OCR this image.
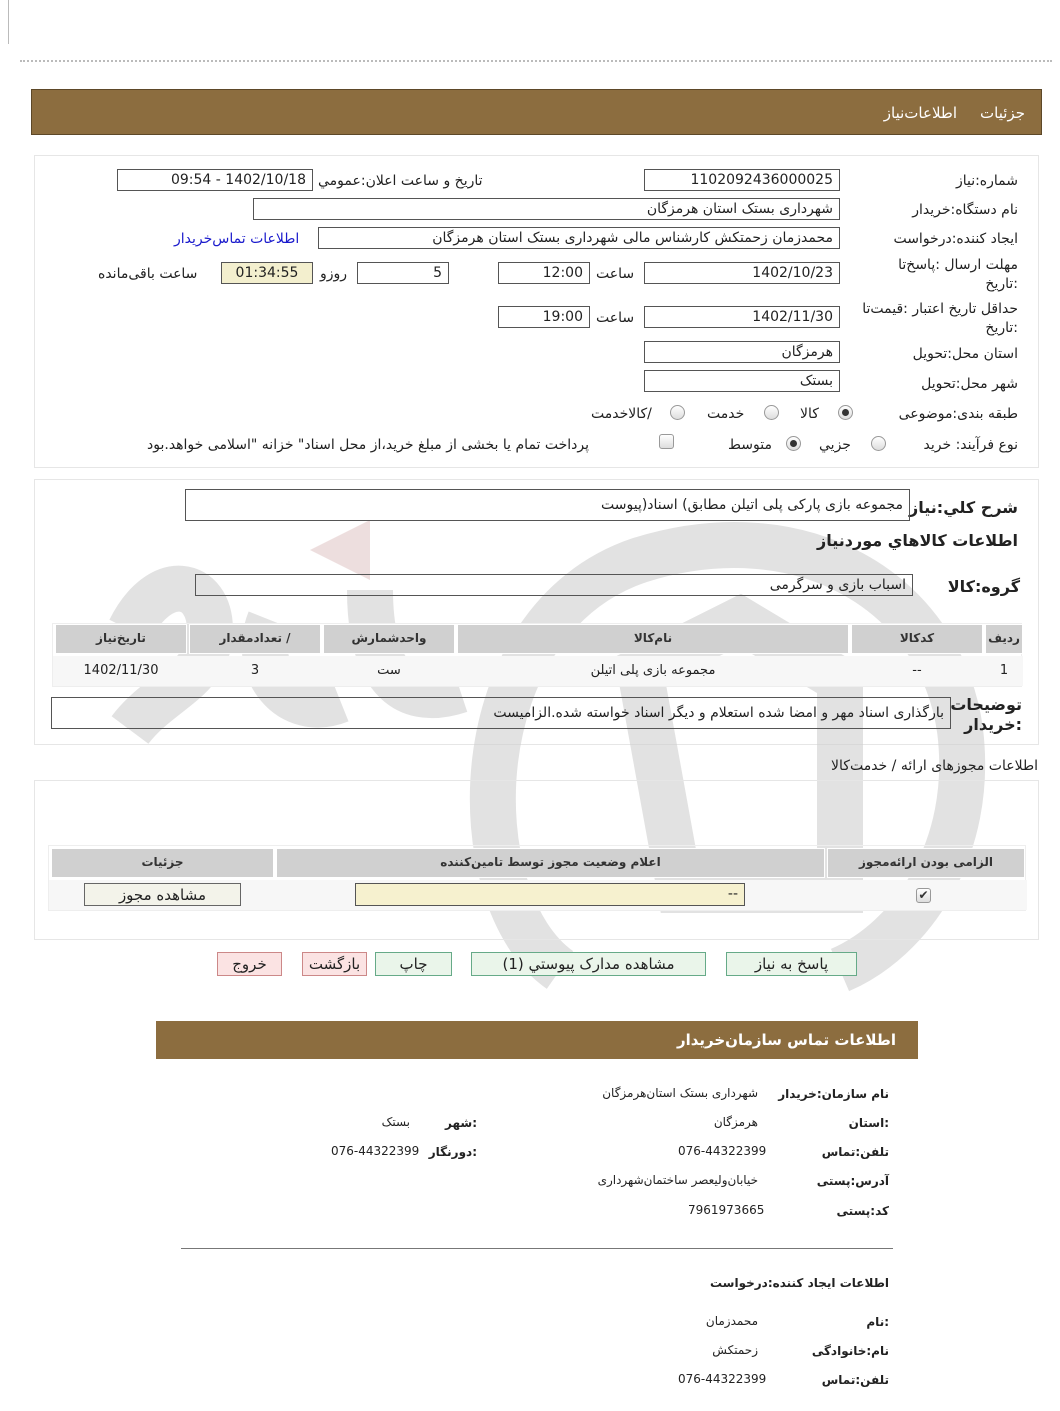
جزئیات
اطلاعات‌نیاز
شماره:نیاز
1102092436000025
تاریخ و ساعت اعلان:عمومي
1402/10/18 - 09:54
نام دستگاه:خریدار
شهرداری بستک استان هرمزگان
ایجاد کننده:درخواست
محمدزمان زحمتکش کارشناس مالی شهرداری بستک استان هرمزگان
اطلاعات تماس‌خریدار
مهلت ارسال :پاسخ‌تا
:تاریخ
1402/10/23
ساعت
12:00
5
روزو
01:34:55
ساعت باقی‌مانده
حداقل تاریخ اعتبار :قیمت‌تا
:تاریخ
1402/11/30
ساعت
19:00
استان محل:تحویل
هرمزگان
شهر محل:تحویل
بستک
طبقه بندی:موضوعی
کالا
خدمت
/کالاخدمت
نوع فرآیند: خرید
جزیي
متوسط
پرداخت تمام یا بخشی از مبلغ خرید،از محل اسناد" خزانه "اسلامی خواهد.بود
شرح کلي:نیاز
مجموعه بازی پارکی پلی اتیلن مطابق) اسناد(پیوست
اطلاعات کالاهاي موردنیاز
گروه:کالا
اسباب بازی و سرگرمی
ردیف
کدکالا
نام‌کالا
واحدشمارش
/ تعدادمقدار
تاریخ‌نیاز
1
--
مجموعه بازی پلی اتیلن
ست
3
1402/11/30
توضیحات
:خریدار
بارگذاری اسناد مهر و امضا شده استعلام و دیگر اسناد خواسته شده.الزامیست
اطلاعات مجوزهای ارائه / خدمت‌کالا
الزامی بودن ارائه‌مجوز
اعلام وضعیت مجوز توسط تامین‌کننده
جزئیات
✔
--
مشاهده مجوز
پاسخ به نیاز
مشاهده مدارک پیوستي (1)
چاپ
بازگشت
خروج
اطلاعات تماس سازمان‌خریدار
نام سازمان:خریدار
شهرداری بستک استان‌هرمزگان
:استان
هرمزگان
:شهر
بستک
تلفن:تماس
076-44322399
:دورنگار
076-44322399
آدرس:پستی
خیابان‌ولیعصر ساختمان‌شهرداری
کد:پستی
7961973665
اطلاعات ایجاد کننده:درخواست
:نام
محمدزمان
نام:خانوادگی
زحمتکش
تلفن:تماس
076-44322399
